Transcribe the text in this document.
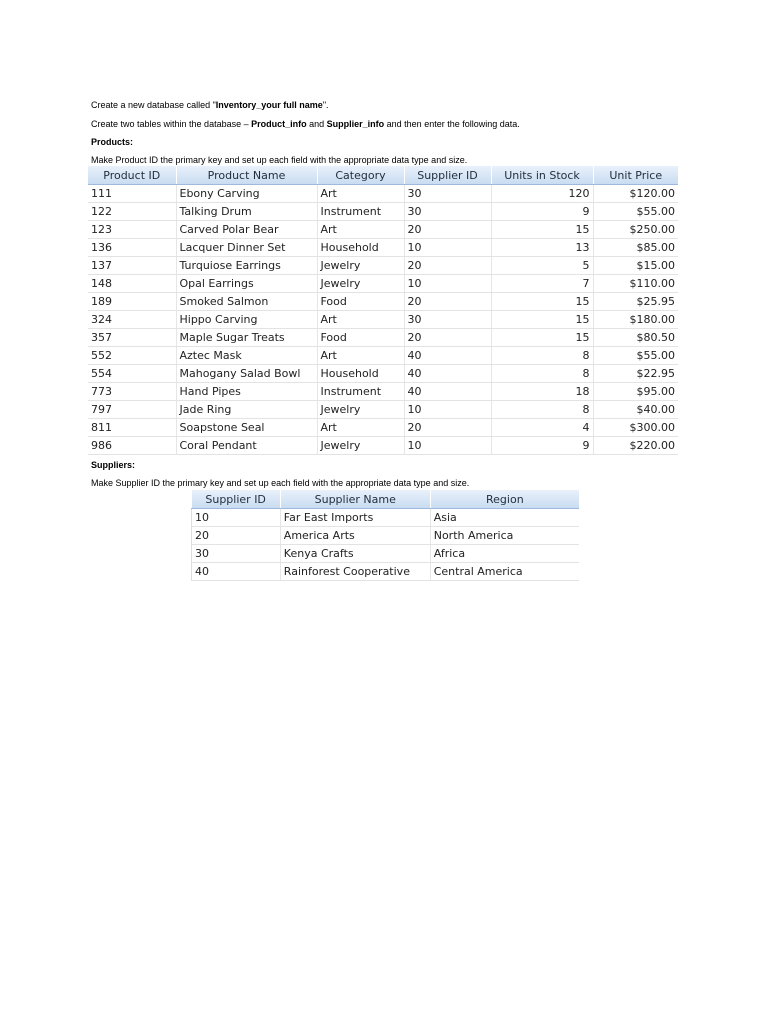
Create a new database called "Inventory_your full name".
Create two tables within the database – Product_info and Supplier_info and then enter the following data.
Products:
Make Product ID the primary key and set up each field with the appropriate data type and size.
Product ID	Product Name	Category	Supplier ID	Units in Stock	Unit Price
111	Ebony Carving	Art	30	120	$120.00
122	Talking Drum	Instrument	30	9	$55.00
123	Carved Polar Bear	Art	20	15	$250.00
136	Lacquer Dinner Set	Household	10	13	$85.00
137	Turquiose Earrings	Jewelry	20	5	$15.00
148	Opal Earrings	Jewelry	10	7	$110.00
189	Smoked Salmon	Food	20	15	$25.95
324	Hippo Carving	Art	30	15	$180.00
357	Maple Sugar Treats	Food	20	15	$80.50
552	Aztec Mask	Art	40	8	$55.00
554	Mahogany Salad Bowl	Household	40	8	$22.95
773	Hand Pipes	Instrument	40	18	$95.00
797	Jade Ring	Jewelry	10	8	$40.00
811	Soapstone Seal	Art	20	4	$300.00
986	Coral Pendant	Jewelry	10	9	$220.00
Suppliers:
Make Supplier ID the primary key and set up each field with the appropriate data type and size.
Supplier ID	Supplier Name	Region
10	Far East Imports	Asia
20	America Arts	North America
30	Kenya Crafts	Africa
40	Rainforest Cooperative	Central America
